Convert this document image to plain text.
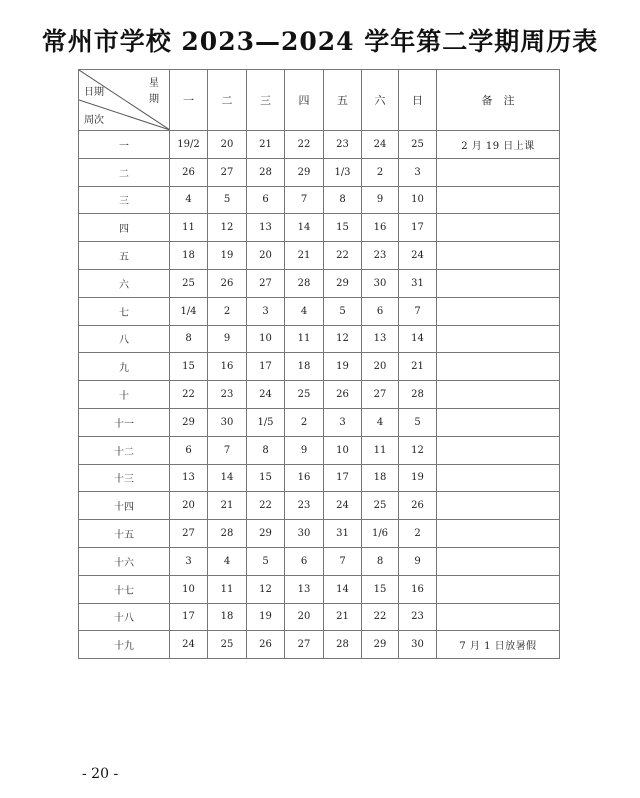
常州市学校 2023—2024 学年第二学期周历表
日期
星
期
周次	一	二	三	四	五	六	日	备　注
一	19/2	20	21	22	23	24	25	2 月 19 日上课
二	26	27	28	29	1/3	2	3	
三	4	5	6	7	8	9	10	
四	11	12	13	14	15	16	17	
五	18	19	20	21	22	23	24	
六	25	26	27	28	29	30	31	
七	1/4	2	3	4	5	6	7	
八	8	9	10	11	12	13	14	
九	15	16	17	18	19	20	21	
十	22	23	24	25	26	27	28	
十一	29	30	1/5	2	3	4	5	
十二	6	7	8	9	10	11	12	
十三	13	14	15	16	17	18	19	
十四	20	21	22	23	24	25	26	
十五	27	28	29	30	31	1/6	2	
十六	3	4	5	6	7	8	9	
十七	10	11	12	13	14	15	16	
十八	17	18	19	20	21	22	23	
十九	24	25	26	27	28	29	30	7 月 1 日放暑假
- 20 -
